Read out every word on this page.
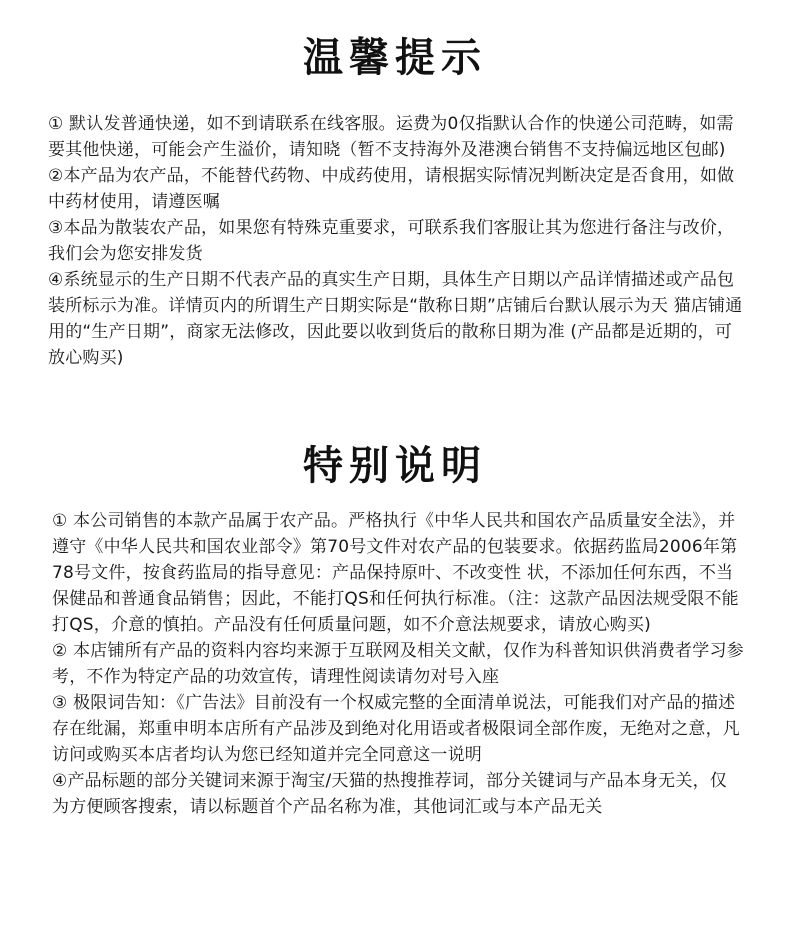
温馨提示

① 默认发普通快递，如不到请联系在线客服。运费为0仅指默认合作的快递公司范畴，如需要其他快递，可能会产生溢价，请知晓（暂不支持海外及港澳台销售不支持偏远地区包邮)

②本产品为农产品，不能替代药物、中成药使用，请根据实际情况判断决定是否食用，如做中药材使用，请遵医嘱

③本品为散装农产品，如果您有特殊克重要求，可联系我们客服让其为您进行备注与改价，我们会为您安排发货

④系统显示的生产日期不代表产品的真实生产日期，具体生产日期以产品详情描述或产品包装所标示为准。详情页内的所谓生产日期实际是“散称日期”店铺后台默认展示为天 猫店铺通用的“生产日期”，商家无法修改，因此要以收到货后的散称日期为准 (产品都是近期的，可放心购买)

特别说明

① 本公司销售的本款产品属于农产品。严格执行《中华人民共和国农产品质量安全法》，并遵守《中华人民共和国农业部令》第70号文件对农产品的包装要求。依据药监局2006年第78号文件，按食药监局的指导意见：产品保持原叶、不改变性 状，不添加任何东西，不当保健品和普通食品销售；因此，不能打QS和任何执行标准。（注：这款产品因法规受限不能打QS，介意的慎拍。产品没有任何质量问题，如不介意法规要求，请放心购买)

② 本店铺所有产品的资料内容均来源于互联网及相关文献，仅作为科普知识供消费者学习参考，不作为特定产品的功效宣传，请理性阅读请勿对号入座

③ 极限词告知：《广告法》目前没有一个权威完整的全面清单说法，可能我们对产品的描述存在纰漏，郑重申明本店所有产品涉及到绝对化用语或者极限词全部作废，无绝对之意，凡访问或购买本店者均认为您已经知道并完全同意这一说明

④产品标题的部分关键词来源于淘宝/天猫的热搜推荐词，部分关键词与产品本身无关，仅为方便顾客搜索，请以标题首个产品名称为准，其他词汇或与本产品无关
